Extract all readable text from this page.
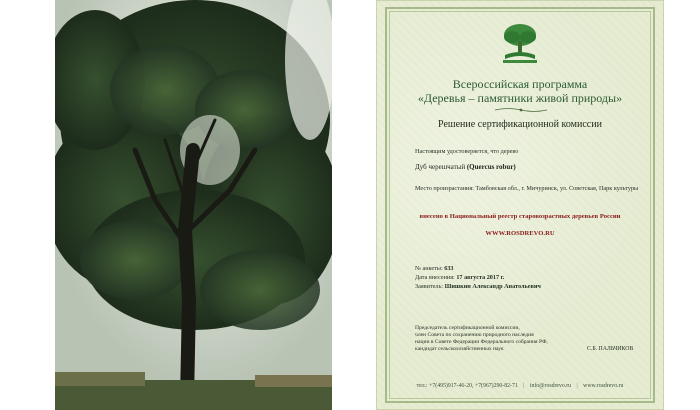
Всероссийская программа
«Деревья – памятники живой природы»
Решение сертификационной комиссии
Настоящим удостоверяется, что дерево
Дуб черешчатый (Quercus robur)
Место произрастания: Тамбовская обл., г. Мичуринск, ул. Советская, Парк культуры
внесено в Национальный реестр старовозрастных деревьев России
WWW.ROSDREVO.RU
№ анкеты: 633
Дата внесения: 17 августа 2017 г.
Заявитель: Шишкин Александр Анатольевич
Председатель сертификационной комиссии,
член Совета по сохранению природного наследия
нации в Совете Федерации Федерального собрания РФ,
кандидат сельскохозяйственных наук	С.Б. ПАЛЬЧИКОВ
тел.: +7(495)917-46-20, +7(967)290-82-71 | info@rosdrevo.ru | www.rosdrevo.ru
